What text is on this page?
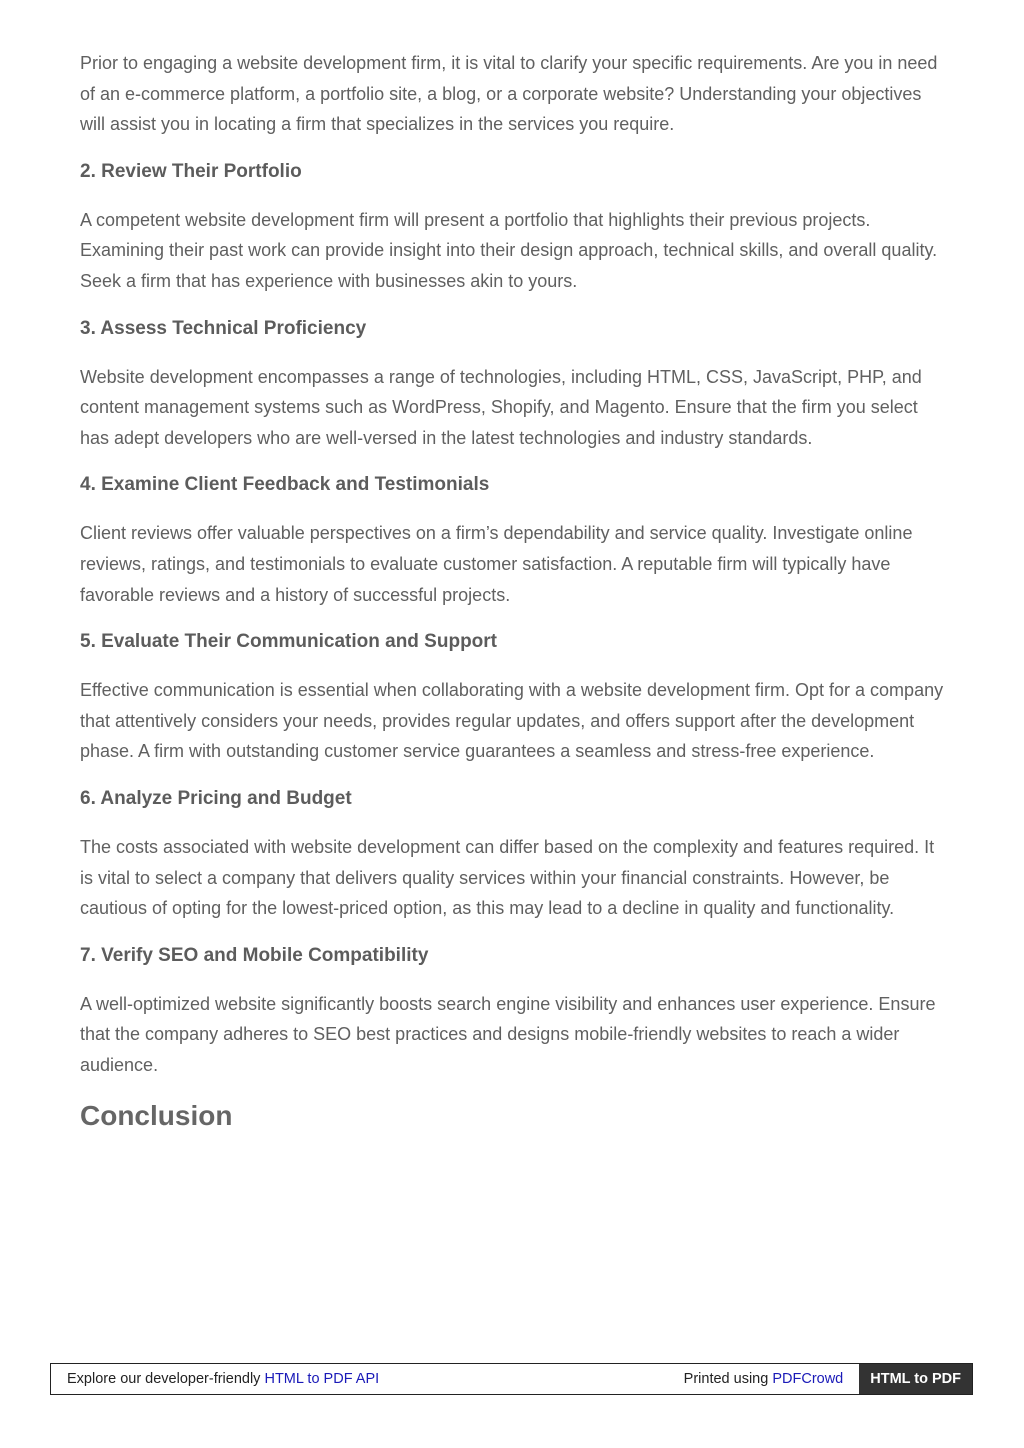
Prior to engaging a website development firm, it is vital to clarify your specific requirements. Are you in need of an e-commerce platform, a portfolio site, a blog, or a corporate website? Understanding your objectives will assist you in locating a firm that specializes in the services you require.

2. Review Their Portfolio

A competent website development firm will present a portfolio that highlights their previous projects. Examining their past work can provide insight into their design approach, technical skills, and overall quality. Seek a firm that has experience with businesses akin to yours.

3. Assess Technical Proficiency

Website development encompasses a range of technologies, including HTML, CSS, JavaScript, PHP, and content management systems such as WordPress, Shopify, and Magento. Ensure that the firm you select has adept developers who are well-versed in the latest technologies and industry standards.

4. Examine Client Feedback and Testimonials

Client reviews offer valuable perspectives on a firm’s dependability and service quality. Investigate online reviews, ratings, and testimonials to evaluate customer satisfaction. A reputable firm will typically have favorable reviews and a history of successful projects.

5. Evaluate Their Communication and Support

Effective communication is essential when collaborating with a website development firm. Opt for a company that attentively considers your needs, provides regular updates, and offers support after the development phase. A firm with outstanding customer service guarantees a seamless and stress-free experience.

6. Analyze Pricing and Budget

The costs associated with website development can differ based on the complexity and features required. It is vital to select a company that delivers quality services within your financial constraints. However, be cautious of opting for the lowest-priced option, as this may lead to a decline in quality and functionality.

7. Verify SEO and Mobile Compatibility

A well-optimized website significantly boosts search engine visibility and enhances user experience. Ensure that the company adheres to SEO best practices and designs mobile-friendly websites to reach a wider audience.

Conclusion
Explore our developer-friendly HTML to PDF API	Printed using PDFCrowd	HTML to PDF
